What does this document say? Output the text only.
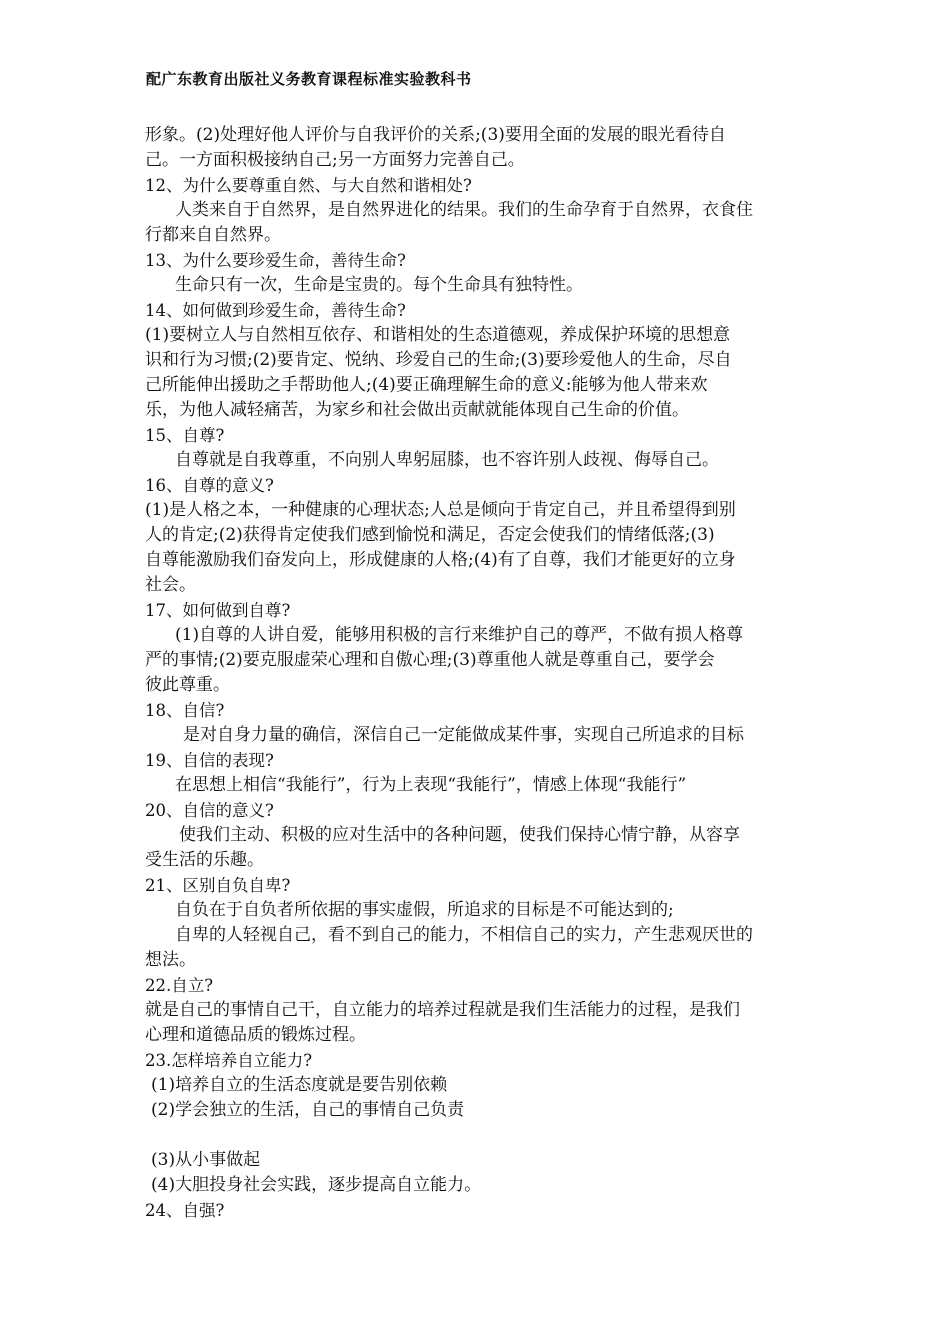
配广东教育出版社义务教育课程标准实验教科书
形象。(2)处理好他人评价与自我评价的关系;(3)要用全面的发展的眼光看待自
己。一方面积极接纳自己;另一方面努力完善自己。
12、为什么要尊重自然、与大自然和谐相处?
人类来自于自然界，是自然界进化的结果。我们的生命孕育于自然界，衣食住
行都来自自然界。
13、为什么要珍爱生命，善待生命?
生命只有一次，生命是宝贵的。每个生命具有独特性。
14、如何做到珍爱生命，善待生命?
(1)要树立人与自然相互依存、和谐相处的生态道德观，养成保护环境的思想意
识和行为习惯;(2)要肯定、悦纳、珍爱自己的生命;(3)要珍爱他人的生命，尽自
己所能伸出援助之手帮助他人;(4)要正确理解生命的意义:能够为他人带来欢
乐，为他人减轻痛苦，为家乡和社会做出贡献就能体现自己生命的价值。
15、自尊?
自尊就是自我尊重，不向别人卑躬屈膝，也不容许别人歧视、侮辱自己。
16、自尊的意义?
(1)是人格之本，一种健康的心理状态;人总是倾向于肯定自己，并且希望得到别
人的肯定;(2)获得肯定使我们感到愉悦和满足，否定会使我们的情绪低落;(3)
自尊能激励我们奋发向上，形成健康的人格;(4)有了自尊，我们才能更好的立身
社会。
17、如何做到自尊?
(1)自尊的人讲自爱，能够用积极的言行来维护自己的尊严，不做有损人格尊
严的事情;(2)要克服虚荣心理和自傲心理;(3)尊重他人就是尊重自己，要学会
彼此尊重。
18、自信?
是对自身力量的确信，深信自己一定能做成某件事，实现自己所追求的目标
19、自信的表现?
在思想上相信“我能行”，行为上表现“我能行”，情感上体现“我能行”
20、自信的意义?
使我们主动、积极的应对生活中的各种问题，使我们保持心情宁静，从容享
受生活的乐趣。
21、区别自负自卑?
自负在于自负者所依据的事实虚假，所追求的目标是不可能达到的;
自卑的人轻视自己，看不到自己的能力，不相信自己的实力，产生悲观厌世的
想法。
22.自立?
就是自己的事情自己干，自立能力的培养过程就是我们生活能力的过程，是我们
心理和道德品质的锻炼过程。
23.怎样培养自立能力?
(1)培养自立的生活态度就是要告别依赖
(2)学会独立的生活，自己的事情自己负责
(3)从小事做起
(4)大胆投身社会实践，逐步提高自立能力。
24、自强?
